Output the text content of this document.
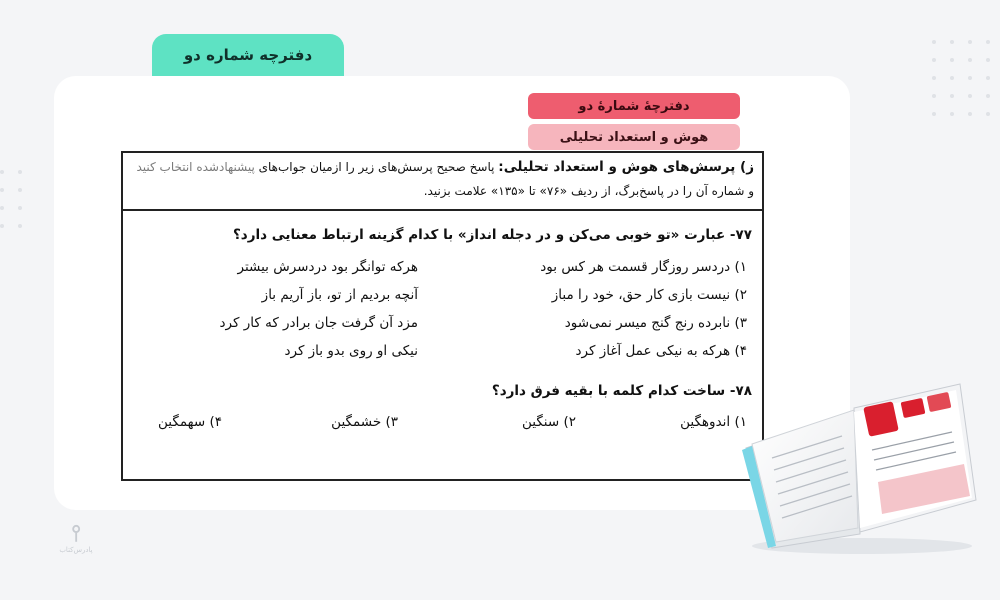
دفترچه شماره دو
دفترچۀ شمارۀ دو
هوش و استعداد تحلیلی
ز) پرسش‌های هوش و استعداد تحلیلی: پاسخ صحیح پرسش‌های زیر را ازمیان جواب‌های پیشنهادشده انتخاب کنید
و شماره آن را در پاسخ‌برگ، از ردیف «۷۶» تا «۱۳۵» علامت بزنید.
۷۷- عبارت «تو خوبی می‌کن و در دجله انداز» با کدام گزینه ارتباط معنایی دارد؟
۱) دردسر روزگار قسمت هر کس بود
هرکه توانگر بود دردسرش بیشتر
۲) نیست بازی کار حق، خود را مباز
آنچه بردیم از تو، باز آریم باز
۳) نابرده رنج گنج میسر نمی‌شود
مزد آن گرفت جان برادر که کار کرد
۴) هرکه به نیکی عمل آغاز کرد
نیکی او روی بدو باز کرد
۷۸- ساخت کدام کلمه با بقیه فرق دارد؟
۱) اندوهگین
۲) سنگین
۳) خشمگین
۴) سهمگین
⫯
پادرس‌کتاب
